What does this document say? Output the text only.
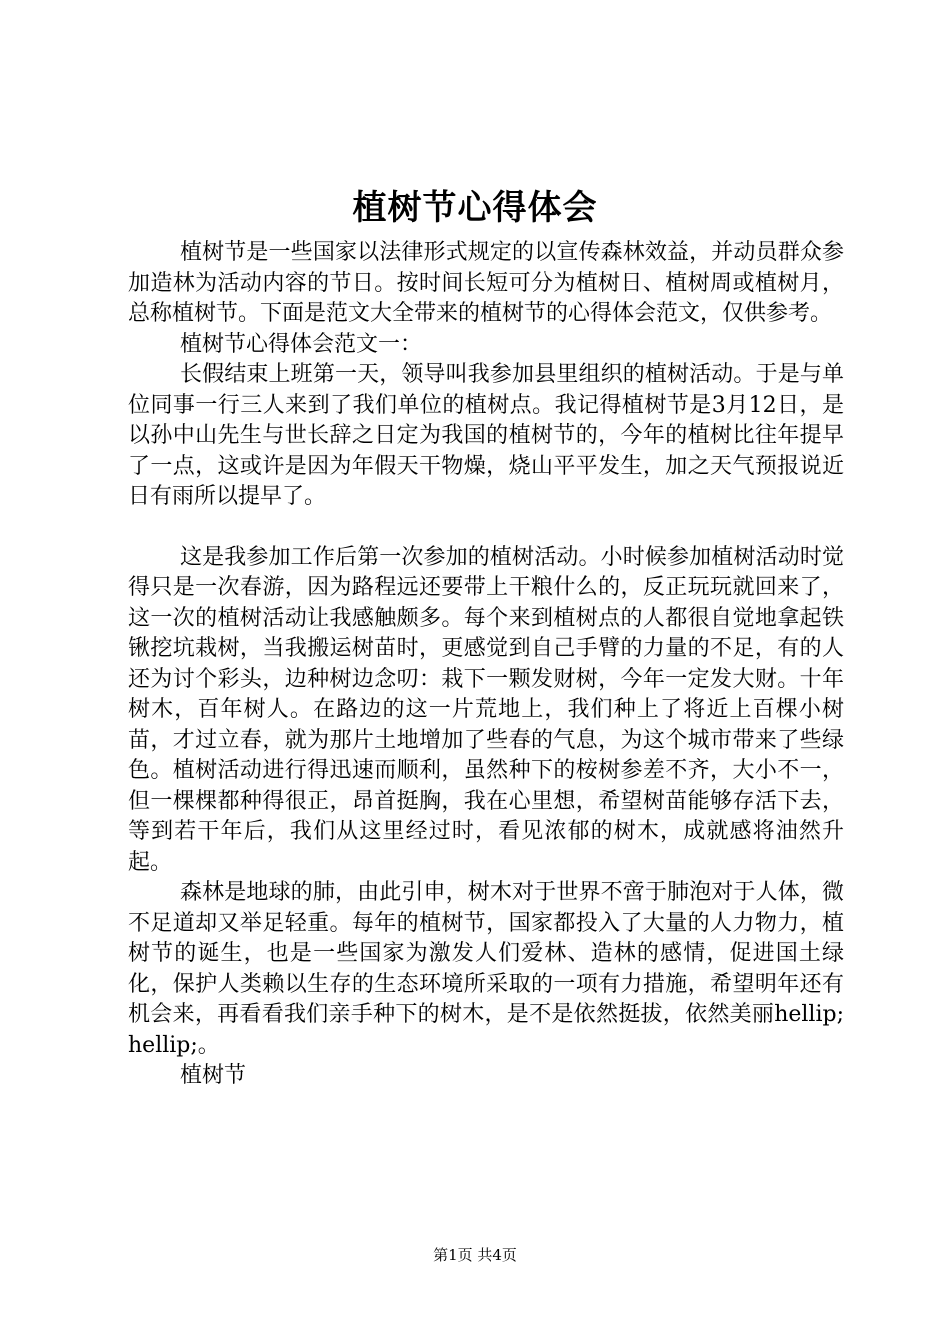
植树节心得体会

植树节是一些国家以法律形式规定的以宣传森林效益，并动员群众参加造林为活动内容的节日。按时间长短可分为植树日、植树周或植树月，总称植树节。下面是范文大全带来的植树节的心得体会范文，仅供参考。

植树节心得体会范文一：

长假结束上班第一天，领导叫我参加县里组织的植树活动。于是与单位同事一行三人来到了我们单位的植树点。我记得植树节是3月12日，是以孙中山先生与世长辞之日定为我国的植树节的，今年的植树比往年提早了一点，这或许是因为年假天干物燥，烧山平平发生，加之天气预报说近日有雨所以提早了。

这是我参加工作后第一次参加的植树活动。小时候参加植树活动时觉得只是一次春游，因为路程远还要带上干粮什么的，反正玩玩就回来了，这一次的植树活动让我感触颇多。每个来到植树点的人都很自觉地拿起铁锹挖坑栽树，当我搬运树苗时，更感觉到自己手臂的力量的不足，有的人还为讨个彩头，边种树边念叨：栽下一颗发财树，今年一定发大财。十年树木，百年树人。在路边的这一片荒地上，我们种上了将近上百棵小树苗，才过立春，就为那片土地增加了些春的气息，为这个城市带来了些绿色。植树活动进行得迅速而顺利，虽然种下的桉树参差不齐，大小不一，但一棵棵都种得很正，昂首挺胸，我在心里想，希望树苗能够存活下去，等到若干年后，我们从这里经过时，看见浓郁的树木，成就感将油然升起。

森林是地球的肺，由此引申，树木对于世界不啻于肺泡对于人体，微不足道却又举足轻重。每年的植树节，国家都投入了大量的人力物力，植树节的诞生，也是一些国家为激发人们爱林、造林的感情，促进国土绿化，保护人类赖以生存的生态环境所采取的一项有力措施，希望明年还有机会来，再看看我们亲手种下的树木，是不是依然挺拔，依然美丽hellip;hellip;。

植树节

第1页 共4页
